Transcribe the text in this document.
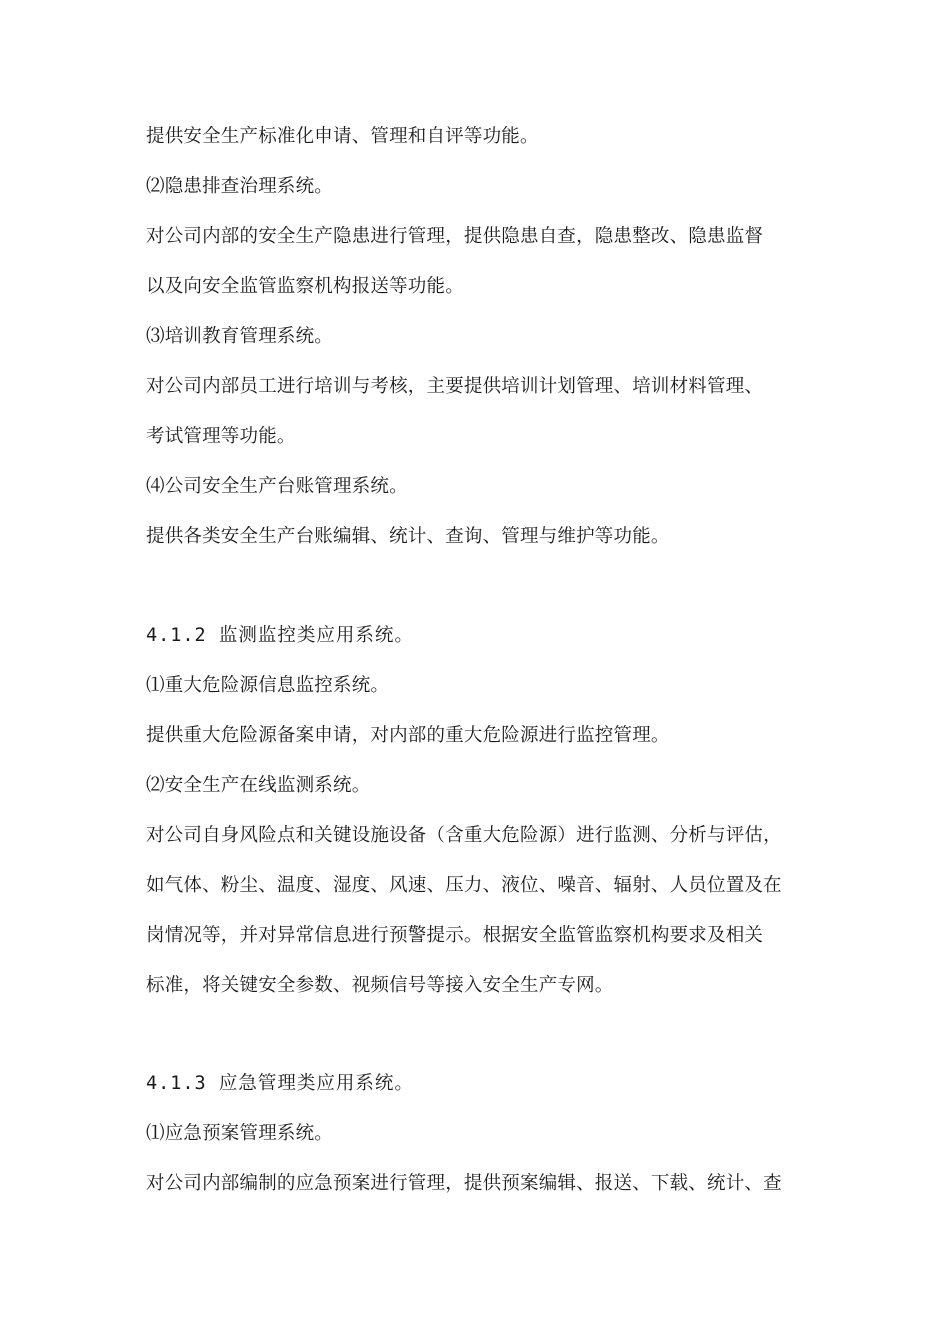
提供安全生产标准化申请、管理和自评等功能。

⑵隐患排查治理系统。

对公司内部的安全生产隐患进行管理，提供隐患自查，隐患整改、隐患监督

以及向安全监管监察机构报送等功能。

⑶培训教育管理系统。

对公司内部员工进行培训与考核，主要提供培训计划管理、培训材料管理、

考试管理等功能。

⑷公司安全生产台账管理系统。

提供各类安全生产台账编辑、统计、查询、管理与维护等功能。

4.1.2 监测监控类应用系统。

⑴重大危险源信息监控系统。

提供重大危险源备案申请，对内部的重大危险源进行监控管理。

⑵安全生产在线监测系统。

对公司自身风险点和关键设施设备（含重大危险源）进行监测、分析与评估，

如气体、粉尘、温度、湿度、风速、压力、液位、噪音、辐射、人员位置及在

岗情况等，并对异常信息进行预警提示。根据安全监管监察机构要求及相关

标准，将关键安全参数、视频信号等接入安全生产专网。

4.1.3 应急管理类应用系统。

⑴应急预案管理系统。

对公司内部编制的应急预案进行管理，提供预案编辑、报送、下载、统计、查
